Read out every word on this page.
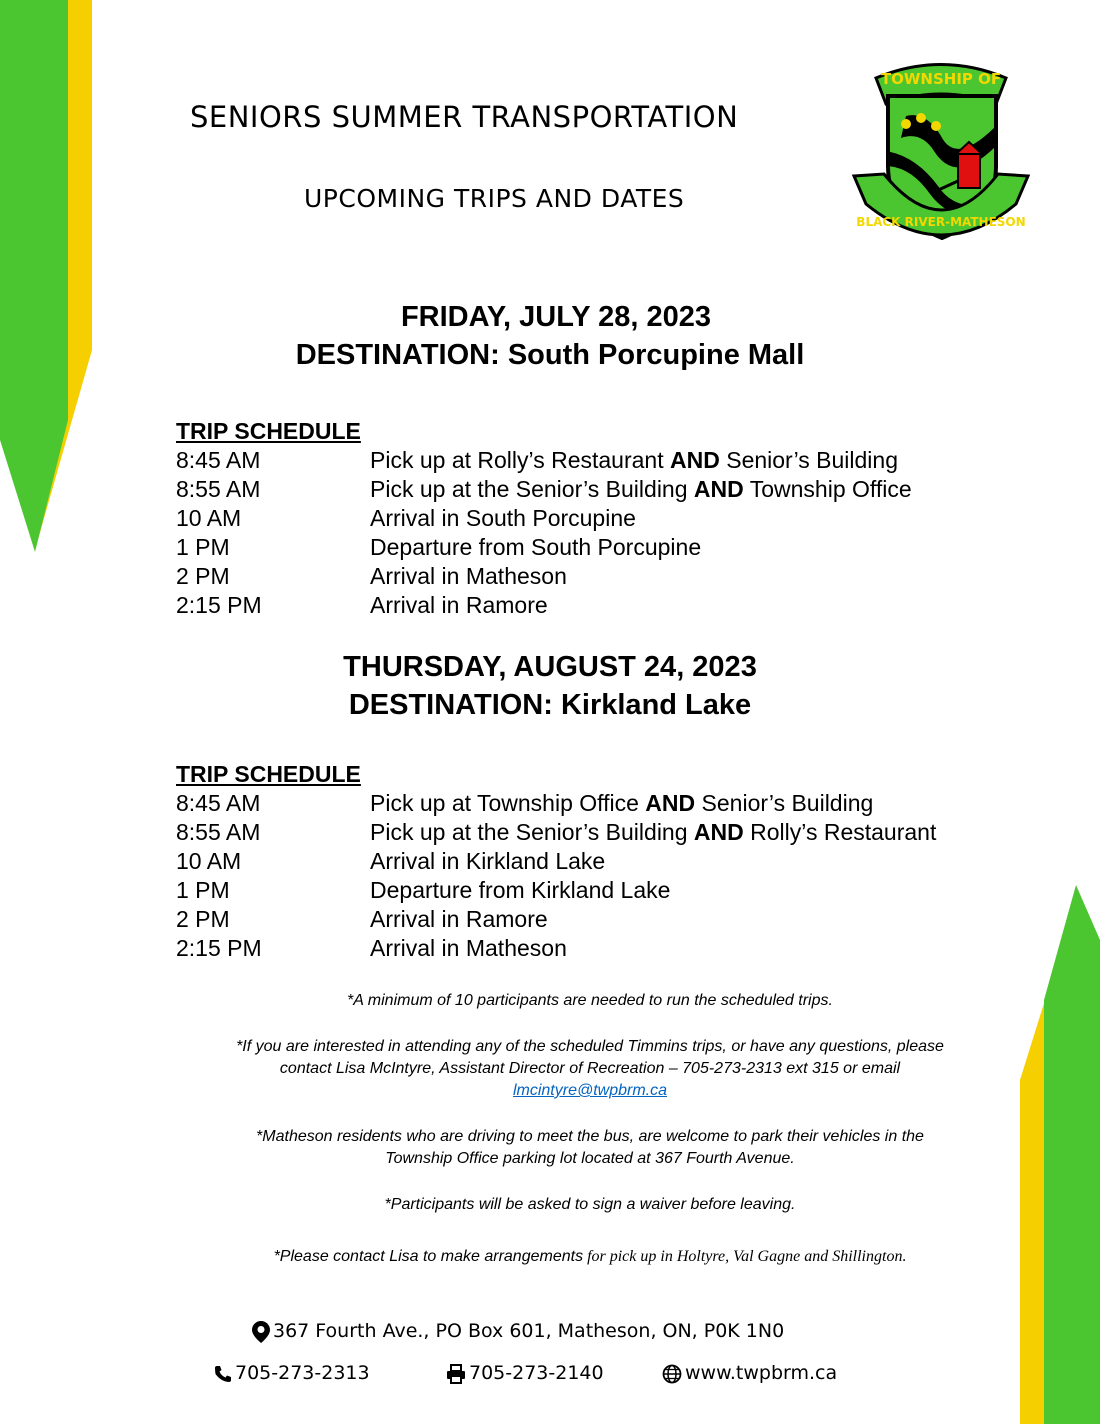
SENIORS SUMMER TRANSPORTATION
UPCOMING TRIPS AND DATES
TOWNSHIP OF
BLACK RIVER-MATHESON
FRIDAY, JULY 28, 2023
DESTINATION: South Porcupine Mall
TRIP SCHEDULE
8:45 AM	Pick up at Rolly’s Restaurant AND Senior’s Building
8:55 AM	Pick up at the Senior’s Building AND Township Office
10 AM	Arrival in South Porcupine
1 PM	Departure from South Porcupine
2 PM	Arrival in Matheson
2:15 PM	Arrival in Ramore
THURSDAY, AUGUST 24, 2023
DESTINATION: Kirkland Lake
TRIP SCHEDULE
8:45 AM	Pick up at Township Office AND Senior’s Building
8:55 AM	Pick up at the Senior’s Building AND Rolly’s Restaurant
10 AM	Arrival in Kirkland Lake
1 PM	Departure from Kirkland Lake
2 PM	Arrival in Ramore
2:15 PM	Arrival in Matheson

*A minimum of 10 participants are needed to run the scheduled trips.

*If you are interested in attending any of the scheduled Timmins trips, or have any questions, please
contact Lisa McIntyre, Assistant Director of Recreation – 705-273-2313 ext 315 or email
lmcintyre@twpbrm.ca

*Matheson residents who are driving to meet the bus, are welcome to park their vehicles in the
Township Office parking lot located at 367 Fourth Avenue.

*Participants will be asked to sign a waiver before leaving.

*Please contact Lisa to make arrangements for pick up in Holtyre, Val Gagne and Shillington.

367 Fourth Ave., PO Box 601, Matheson, ON, P0K 1N0
705-273-2313	705-273-2140	www.twpbrm.ca
